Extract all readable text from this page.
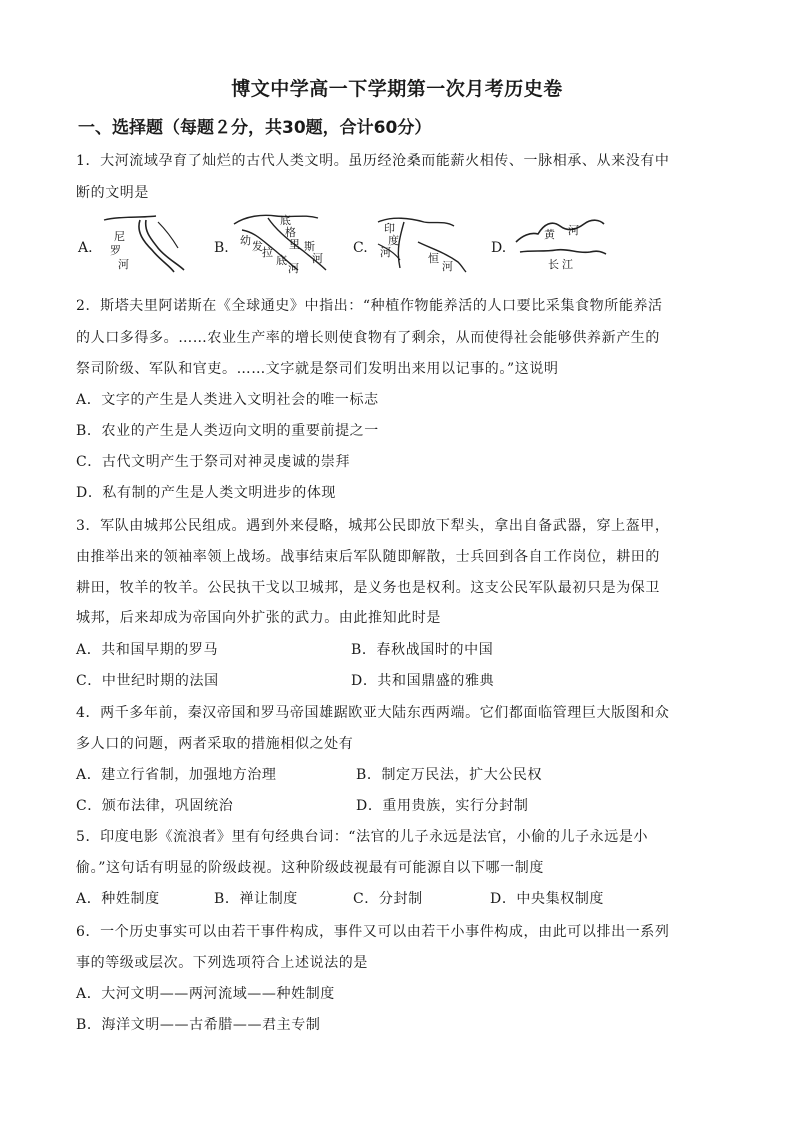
博文中学高一下学期第一次月考历史卷
一、选择题（每题２分，共30题，合计60分）
1．大河流域孕育了灿烂的古代人类文明。虽历经沧桑而能薪火相传、一脉相承、从来没有中
断的文明是
A.
尼
罗
河
B.
底
格
里 斯
河
幼 发 拉
底
河
C.
印
度
河	恒
河
D.
黄 河
长 江
2．斯塔夫里阿诺斯在《全球通史》中指出：“种植作物能养活的人口要比采集食物所能养活
的人口多得多。……农业生产率的增长则使食物有了剩余，从而使得社会能够供养新产生的
祭司阶级、军队和官吏。……文字就是祭司们发明出来用以记事的。”这说明
A．文字的产生是人类进入文明社会的唯一标志
B．农业的产生是人类迈向文明的重要前提之一
C．古代文明产生于祭司对神灵虔诚的崇拜
D．私有制的产生是人类文明进步的体现
3．军队由城邦公民组成。遇到外来侵略，城邦公民即放下犁头，拿出自备武器，穿上盔甲，
由推举出来的领袖率领上战场。战事结束后军队随即解散，士兵回到各自工作岗位，耕田的
耕田，牧羊的牧羊。公民执干戈以卫城邦，是义务也是权利。这支公民军队最初只是为保卫
城邦，后来却成为帝国向外扩张的武力。由此推知此时是
A．共和国早期的罗马	B．春秋战国时的中国
C．中世纪时期的法国	D．共和国鼎盛的雅典
4．两千多年前，秦汉帝国和罗马帝国雄踞欧亚大陆东西两端。它们都面临管理巨大版图和众
多人口的问题，两者采取的措施相似之处有
A．建立行省制，加强地方治理	B．制定万民法，扩大公民权
C．颁布法律，巩固统治	D．重用贵族，实行分封制
5．印度电影《流浪者》里有句经典台词：“法官的儿子永远是法官，小偷的儿子永远是小
偷。”这句话有明显的阶级歧视。这种阶级歧视最有可能源自以下哪一制度
A．种姓制度	B．禅让制度	C．分封制	D．中央集权制度
6．一个历史事实可以由若干事件构成，事件又可以由若干小事件构成，由此可以排出一系列
事的等级或层次。下列选项符合上述说法的是
A．大河文明——两河流域——种姓制度
B．海洋文明——古希腊——君主专制
